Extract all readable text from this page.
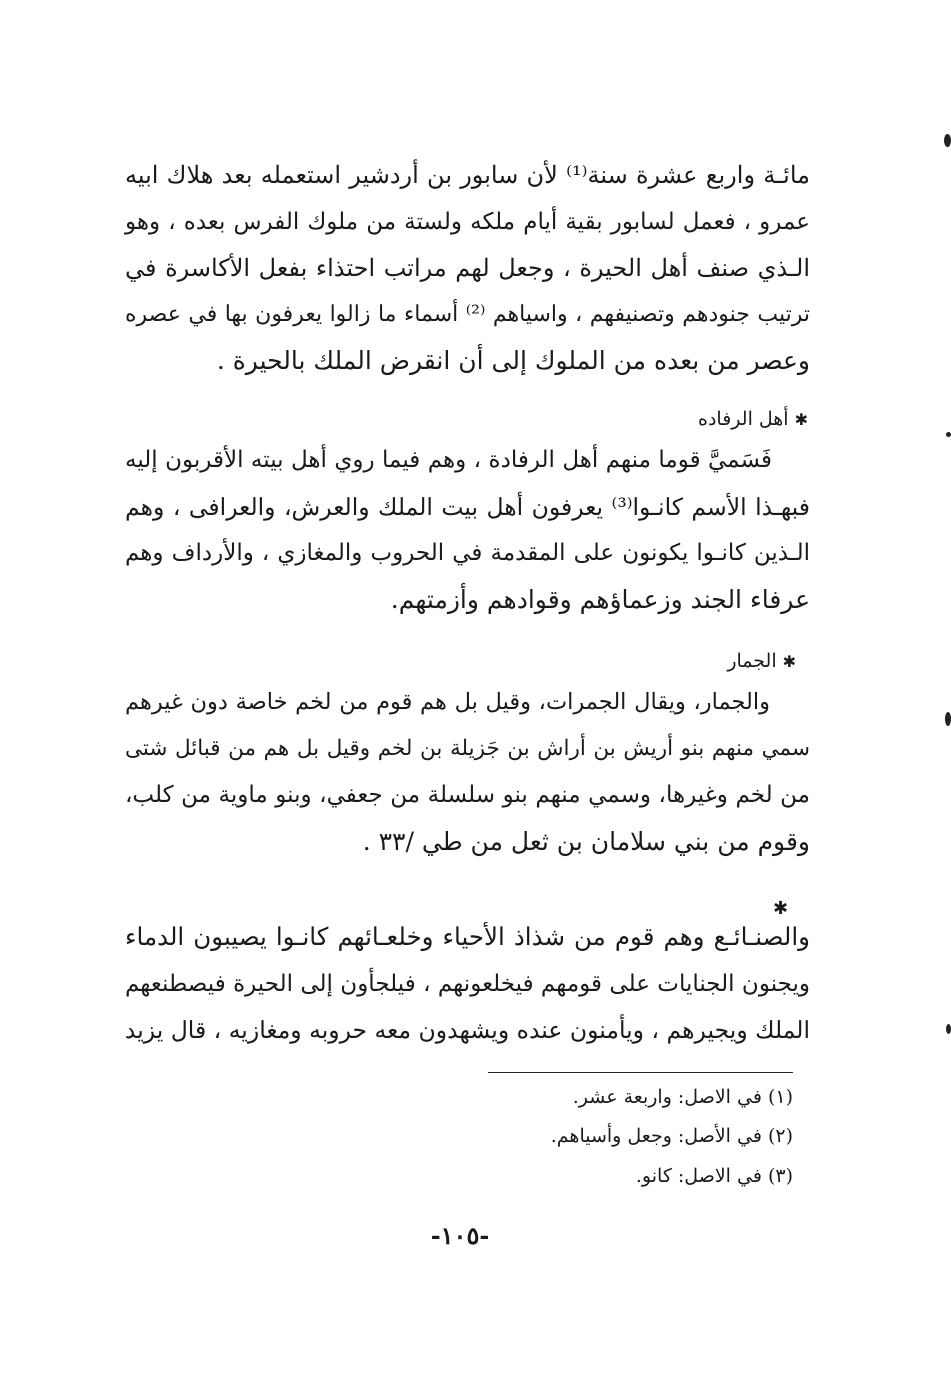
مائـة واربع عشرة سنة⁽¹⁾ لأن سابور بن أردشير استعمله بعد هلاك ابيه
عمرو ، فعمل لسابور بقية أيام ملكه ولستة من ملوك الفرس بعده ، وهو
الـذي صنف أهل الحيرة ، وجعل لهم مراتب احتذاء بفعل الأكاسرة في
ترتيب جنودهم وتصنيفهم ، واسياهم ⁽²⁾ أسماء ما زالوا يعرفون بها في عصره
وعصر من بعده من الملوك إلى أن انقرض الملك بالحيرة .
✱أهل الرفاده
فَسَميَّ قوما منهم أهل الرفادة ، وهم فيما روي أهل بيته الأقربون إليه
فبهـذا الأسم كانـوا⁽³⁾ يعرفون أهل بيت الملك والعرش، والعرافى ، وهم
الـذين كانـوا يكونون على المقدمة في الحروب والمغازي ، والأرداف وهم
عرفاء الجند وزعماؤهم وقوادهم وأزمتهم.
✱الجمار
والجمار، ويقال الجمرات، وقيل بل هم قوم من لخم خاصة دون غيرهم
سمي منهم بنو أريش بن أراش بن جَزيلة بن لخم وقيل بل هم من قبائل شتى
من لخم وغيرها، وسمي منهم بنو سلسلة من جعفي، وبنو ماوية من كلب،
وقوم من بني سلامان بن ثعل من طي /٣٣ .
✱
والصنـائـع وهم قوم من شذاذ الأحياء وخلعـائهم كانـوا يصيبون الدماء
ويجنون الجنايات على قومهم فيخلعونهم ، فيلجأون إلى الحيرة فيصطنعهم
الملك ويجيرهم ، ويأمنون عنده ويشهدون معه حروبه ومغازيه ، قال يزيد
(١) في الاصل: واربعة عشر.
(٢) في الأصل: وجعل وأسياهم.
(٣) في الاصل: كانو.
-١٠٥-
